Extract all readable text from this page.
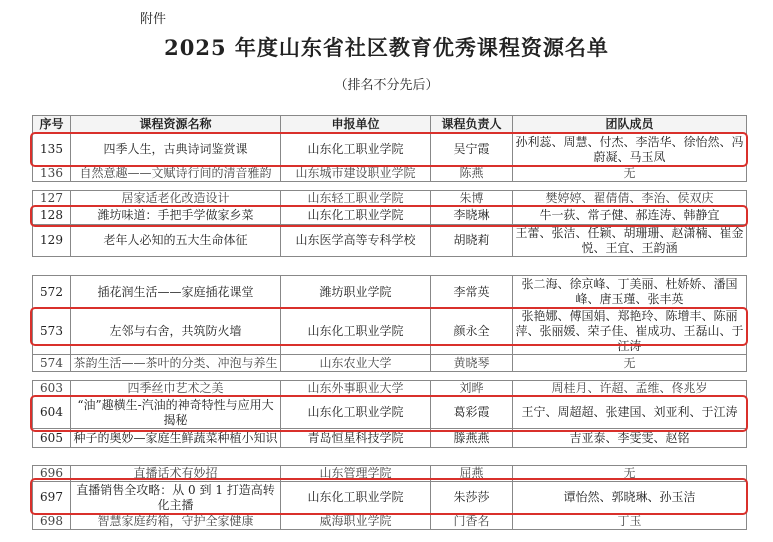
附件
2025 年度山东省社区教育优秀课程资源名单
（排名不分先后）
序号	课程资源名称	申报单位	课程负责人	团队成员
135	四季人生，古典诗词鉴赏课	山东化工职业学院	吴宁霞	孙利蕊、周慧、付杰、李浩华、徐怡然、冯蔚凝、马玉凤
136	自然意趣——文赋诗行间的清音雅韵	山东城市建设职业学院	陈燕	无
127	居家适老化改造设计	山东轻工职业学院	朱博	樊婷婷、翟倩倩、李治、侯双庆
128	潍坊味道：手把手学做家乡菜	山东化工职业学院	李晓琳	牛一荻、常子健、郝连涛、韩静宜
129	老年人必知的五大生命体征	山东医学高等专科学校	胡晓莉	王蕾、张洁、任颖、胡珊珊、赵潇楠、崔金悦、王宜、王韵涵
572	插花润生活——家庭插花课堂	潍坊职业学院	李常英	张二海、徐京峰、丁美丽、杜娇娇、潘国峰、唐玉瑾、张丰英
573	左邻与右舍，共筑防火墙	山东化工职业学院	颜永全	张艳娜、傅国娟、郑艳玲、陈增丰、陈丽萍、张丽媛、荣子佳、崔成功、王磊山、于江涛
574	茶韵生活——茶叶的分类、冲泡与养生	山东农业大学	黄晓琴	无
603	四季丝巾艺术之美	山东外事职业大学	刘晔	周桂月、许超、孟维、佟兆岁
604	“油”趣横生-汽油的神奇特性与应用大揭秘	山东化工职业学院	葛彩霞	王宁、周超超、张建国、刘亚利、于江涛
605	种子的奥妙—家庭生鲜蔬菜种植小知识	青岛恒星科技学院	滕燕燕	吉亚泰、李雯雯、赵铭
696	直播话术有妙招	山东管理学院	屈燕	无
697	直播销售全攻略：从 0 到 1 打造高转化主播	山东化工职业学院	朱莎莎	谭怡然、郭晓琳、孙玉洁
698	智慧家庭药箱，守护全家健康	威海职业学院	门香名	丁玉
